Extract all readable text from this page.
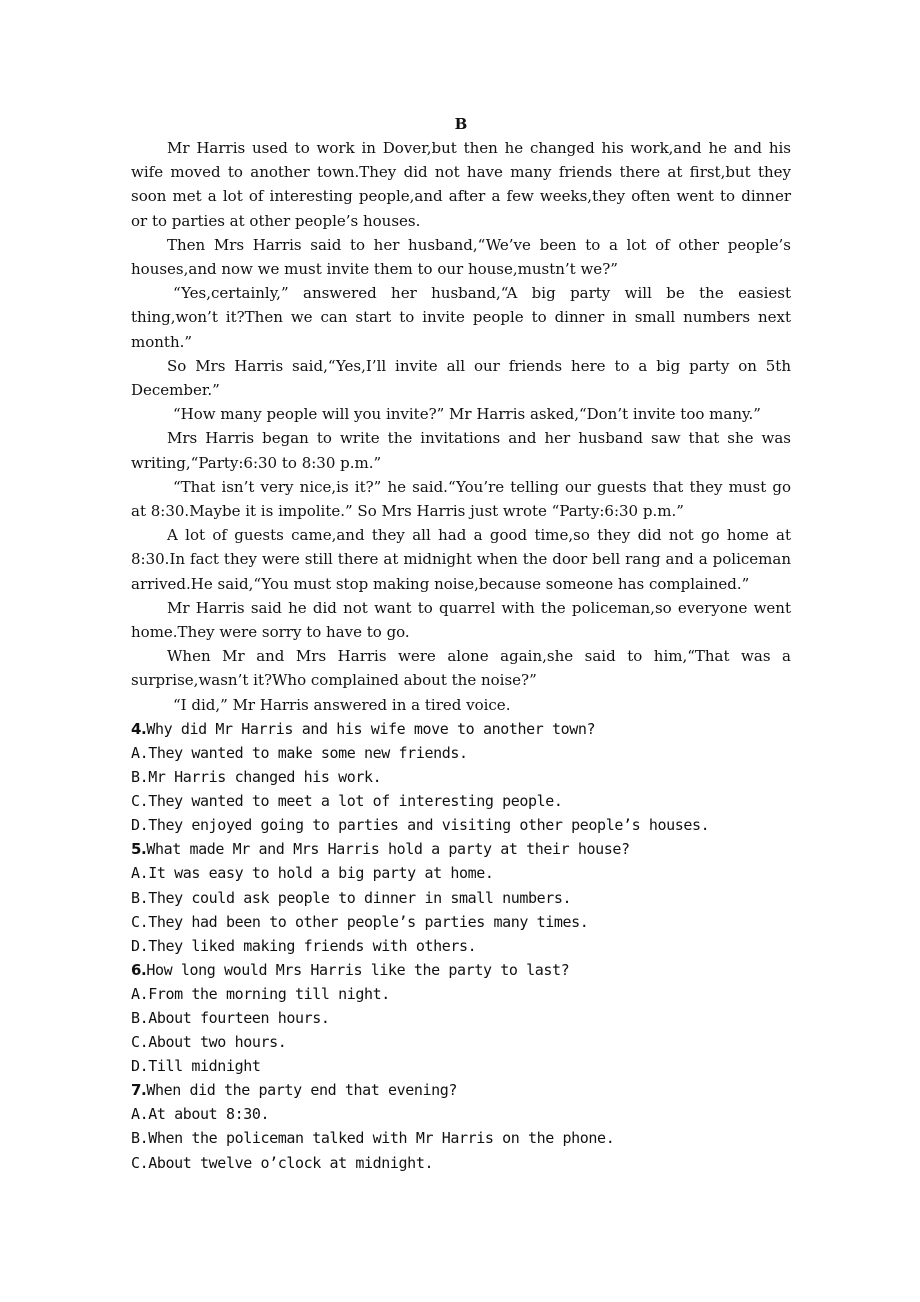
B

Mr Harris used to work in Dover,but then he changed his work,and he and his wife moved to another town.They did not have many friends there at first,but they soon met a lot of interesting people,and after a few weeks,they often went to dinner or to parties at other people’s houses.

Then Mrs Harris said to her husband,“We’ve been to a lot of other people’s houses,and now we must invite them to our house,mustn’t we?”

“Yes,certainly,” answered her husband,“A big party will be the easiest thing,won’t it?Then we can start to invite people to dinner in small numbers next month.”

So Mrs Harris said,“Yes,I’ll invite all our friends here to a big party on 5th December.”

“How many people will you invite?” Mr Harris asked,“Don’t invite too many.”

Mrs Harris began to write the invitations and her husband saw that she was writing,“Party:6:30 to 8:30 p.m.”

“That isn’t very nice,is it?” he said.“You’re telling our guests that they must go at 8:30.Maybe it is impolite.” So Mrs Harris just wrote “Party:6:30 p.m.”

A lot of guests came,and they all had a good time,so they did not go home at 8:30.In fact they were still there at midnight when the door bell rang and a policeman arrived.He said,“You must stop making noise,because someone has complained.”

Mr Harris said he did not want to quarrel with the policeman,so everyone went home.They were sorry to have to go.

When Mr and Mrs Harris were alone again,she said to him,“That was a surprise,wasn’t it?Who complained about the noise?”

“I did,” Mr Harris answered in a tired voice.

4.Why did Mr Harris and his wife move to another town?

A.They wanted to make some new friends.

B.Mr Harris changed his work.

C.They wanted to meet a lot of interesting people.

D.They enjoyed going to parties and visiting other people’s houses.

5.What made Mr and Mrs Harris hold a party at their house?

A.It was easy to hold a big party at home.

B.They could ask people to dinner in small numbers.

C.They had been to other people’s parties many times.

D.They liked making friends with others.

6.How long would Mrs Harris like the party to last?

A.From the morning till night.

B.About fourteen hours.

C.About two hours.

D.Till midnight

7.When did the party end that evening?

A.At about 8:30.

B.When the policeman talked with Mr Harris on the phone.

C.About twelve o’clock at midnight.
